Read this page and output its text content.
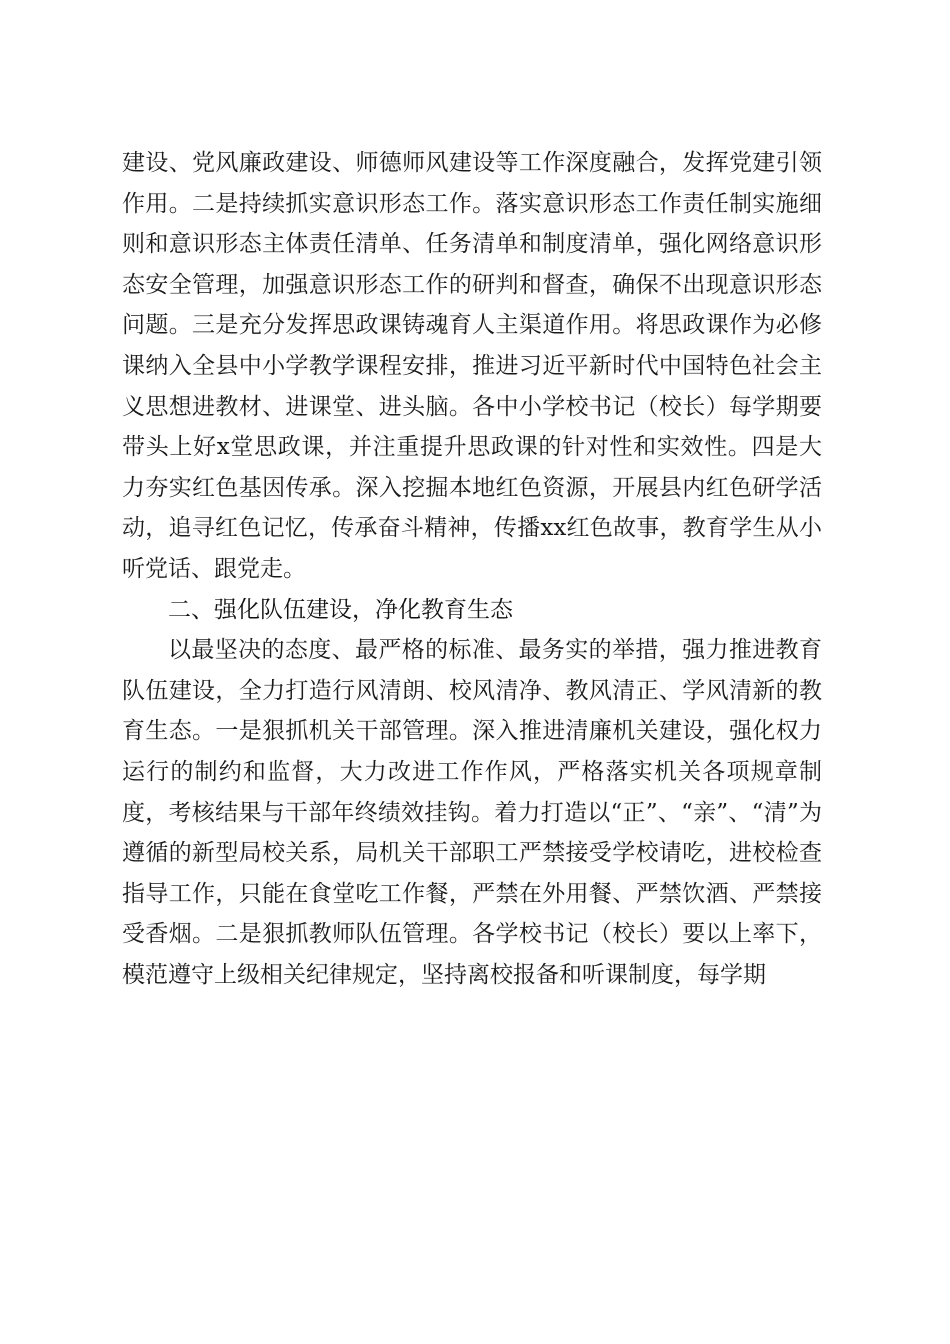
建设、党风廉政建设、师德师风建设等工作深度融合，发挥党建引领作用。二是持续抓实意识形态工作。落实意识形态工作责任制实施细则和意识形态主体责任清单、任务清单和制度清单，强化网络意识形态安全管理，加强意识形态工作的研判和督查，确保不出现意识形态问题。三是充分发挥思政课铸魂育人主渠道作用。将思政课作为必修课纳入全县中小学教学课程安排，推进习近平新时代中国特色社会主义思想进教材、进课堂、进头脑。各中小学校书记（校长）每学期要带头上好x堂思政课，并注重提升思政课的针对性和实效性。四是大力夯实红色基因传承。深入挖掘本地红色资源，开展县内红色研学活动，追寻红色记忆，传承奋斗精神，传播xx红色故事，教育学生从小听党话、跟党走。

二、强化队伍建设，净化教育生态

以最坚决的态度、最严格的标准、最务实的举措，强力推进教育队伍建设，全力打造行风清朗、校风清净、教风清正、学风清新的教育生态。一是狠抓机关干部管理。深入推进清廉机关建设，强化权力运行的制约和监督，大力改进工作作风，严格落实机关各项规章制度，考核结果与干部年终绩效挂钩。着力打造以“正”、“亲”、“清”为遵循的新型局校关系，局机关干部职工严禁接受学校请吃，进校检查指导工作，只能在食堂吃工作餐，严禁在外用餐、严禁饮酒、严禁接受香烟。二是狠抓教师队伍管理。各学校书记（校长）要以上率下，模范遵守上级相关纪律规定，坚持离校报备和听课制度，每学期
